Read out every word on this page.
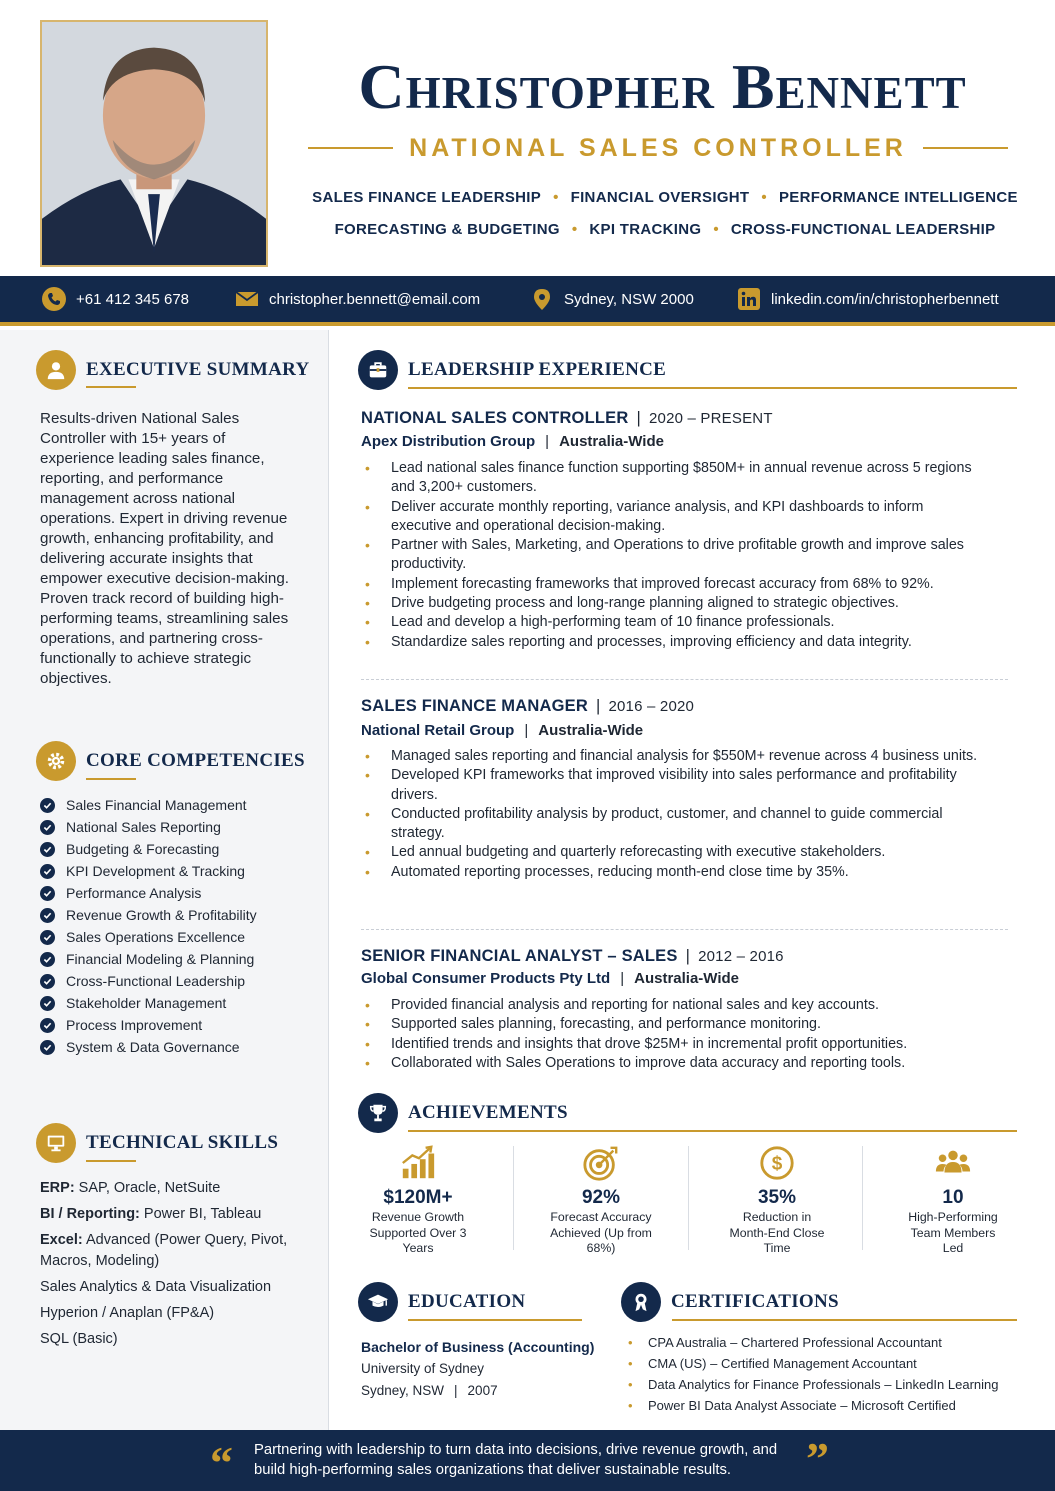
Christopher Bennett
NATIONAL SALES CONTROLLER
SALES FINANCE LEADERSHIP • FINANCIAL OVERSIGHT • PERFORMANCE INTELLIGENCE
FORECASTING & BUDGETING • KPI TRACKING • CROSS-FUNCTIONAL LEADERSHIP
+61 412 345 678	christopher.bennett@email.com	Sydney, NSW 2000	linkedin.com/in/christopherbennett
EXECUTIVE SUMMARY
Results-driven National Sales Controller with 15+ years of experience leading sales finance, reporting, and performance management across national operations. Expert in driving revenue growth, enhancing profitability, and delivering accurate insights that empower executive decision-making. Proven track record of building high-performing teams, streamlining sales operations, and partnering cross-functionally to achieve strategic objectives.
CORE COMPETENCIES
Sales Financial Management
National Sales Reporting
Budgeting & Forecasting
KPI Development & Tracking
Performance Analysis
Revenue Growth & Profitability
Sales Operations Excellence
Financial Modeling & Planning
Cross-Functional Leadership
Stakeholder Management
Process Improvement
System & Data Governance
TECHNICAL SKILLS
ERP: SAP, Oracle, NetSuite
BI / Reporting: Power BI, Tableau
Excel: Advanced (Power Query, Pivot, Macros, Modeling)
Sales Analytics & Data Visualization
Hyperion / Anaplan (FP&A)
SQL (Basic)
LEADERSHIP EXPERIENCE
NATIONAL SALES CONTROLLER | 2020 – PRESENT
Apex Distribution Group | Australia-Wide
• Lead national sales finance function supporting $850M+ in annual revenue across 5 regions and 3,200+ customers.
• Deliver accurate monthly reporting, variance analysis, and KPI dashboards to inform executive and operational decision-making.
• Partner with Sales, Marketing, and Operations to drive profitable growth and improve sales productivity.
• Implement forecasting frameworks that improved forecast accuracy from 68% to 92%.
• Drive budgeting process and long-range planning aligned to strategic objectives.
• Lead and develop a high-performing team of 10 finance professionals.
• Standardize sales reporting and processes, improving efficiency and data integrity.
SALES FINANCE MANAGER | 2016 – 2020
National Retail Group | Australia-Wide
• Managed sales reporting and financial analysis for $550M+ revenue across 4 business units.
• Developed KPI frameworks that improved visibility into sales performance and profitability drivers.
• Conducted profitability analysis by product, customer, and channel to guide commercial strategy.
• Led annual budgeting and quarterly reforecasting with executive stakeholders.
• Automated reporting processes, reducing month-end close time by 35%.
SENIOR FINANCIAL ANALYST – SALES | 2012 – 2016
Global Consumer Products Pty Ltd | Australia-Wide
• Provided financial analysis and reporting for national sales and key accounts.
• Supported sales planning, forecasting, and performance monitoring.
• Identified trends and insights that drove $25M+ in incremental profit opportunities.
• Collaborated with Sales Operations to improve data accuracy and reporting tools.
ACHIEVEMENTS
$120M+
Revenue Growth Supported Over 3 Years
92%
Forecast Accuracy Achieved (Up from 68%)
$
35%
Reduction in Month-End Close Time
10
High-Performing Team Members Led
EDUCATION
Bachelor of Business (Accounting)
University of Sydney
Sydney, NSW | 2007
CERTIFICATIONS
• CPA Australia – Chartered Professional Accountant
• CMA (US) – Certified Management Accountant
• Data Analytics for Finance Professionals – LinkedIn Learning
• Power BI Data Analyst Associate – Microsoft Certified
“ Partnering with leadership to turn data into decisions, drive revenue growth, and build high-performing sales organizations that deliver sustainable results.	”
